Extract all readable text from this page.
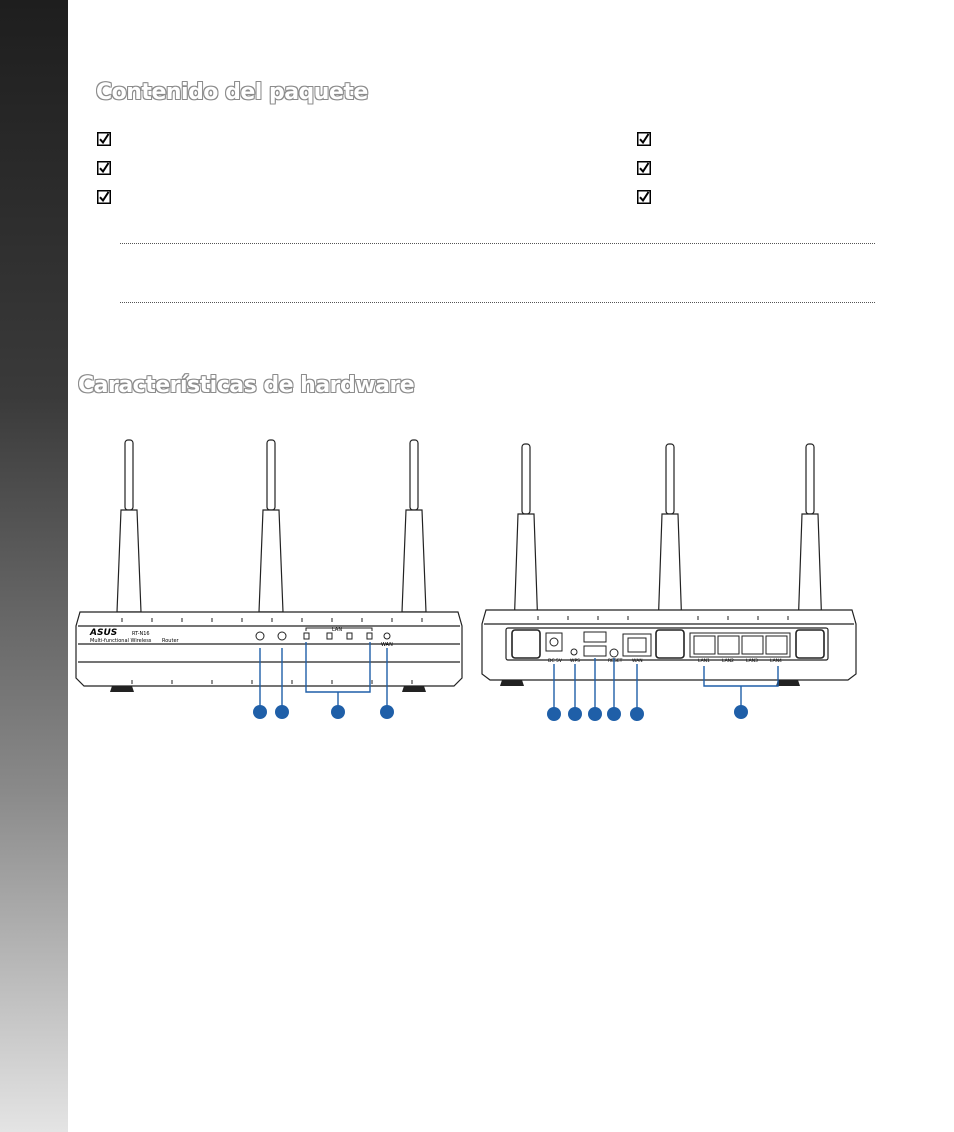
Contenido del paquete
Características de hardware
ASUS	RT-N16
Multi-functional Wireless Router
LAN
WAN
DC 5V WPS	RESET WAN	LAN1	LAN2	LAN3	LAN4
